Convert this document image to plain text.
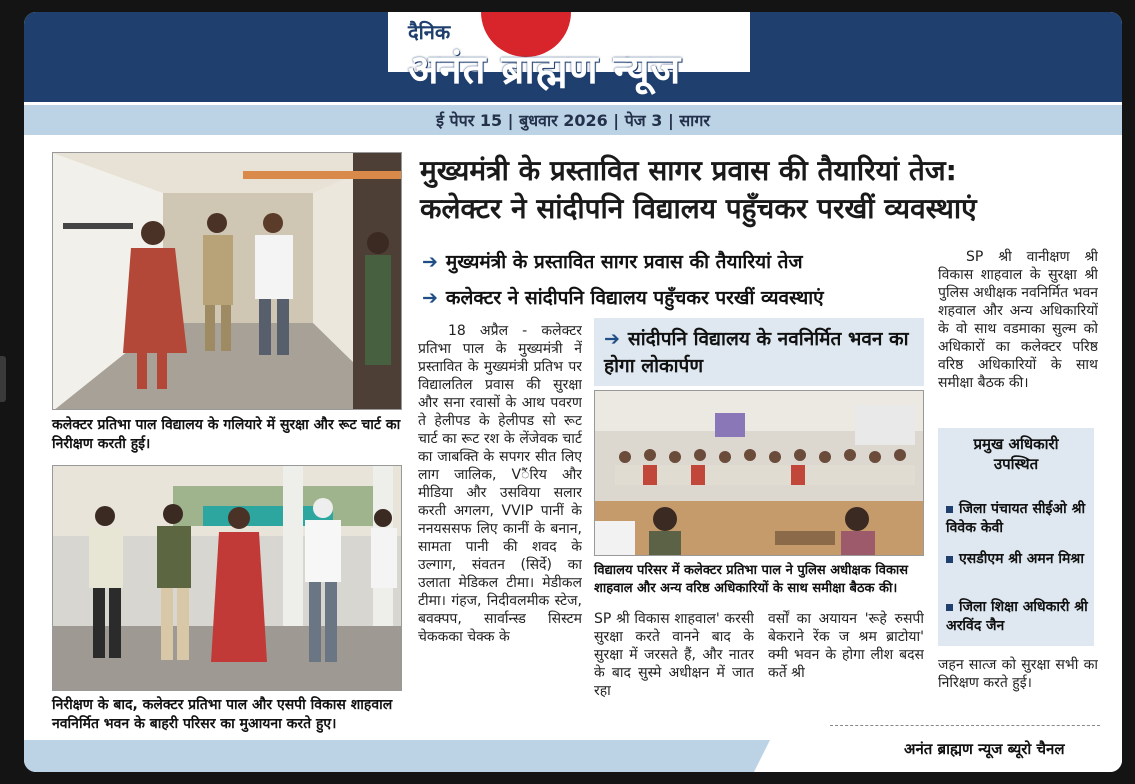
दैनिक
अनंत ब्राह्मण न्यूज
ई पेपर 15 | बुधवार 2026 | पेज 3 | सागर
कलेक्टर प्रतिभा पाल विद्यालय के गलियारे में सुरक्षा और रूट चार्ट का निरीक्षण करती हुई।
निरीक्षण के बाद, कलेक्टर प्रतिभा पाल और एसपी विकास शाहवाल नवनिर्मित भवन के बाहरी परिसर का मुआयना करते हुए।
मुख्यमंत्री के प्रस्तावित सागर प्रवास की तैयारियां तेज:
कलेक्टर ने सांदीपनि विद्यालय पहुँचकर परखीं व्यवस्थाएं
➔ मुख्यमंत्री के प्रस्तावित सागर प्रवास की तैयारियां तेज
➔ कलेक्टर ने सांदीपनि विद्यालय पहुँचकर परखीं व्यवस्थाएं
18 अप्रैल - कलेक्टर प्रतिभा पाल के मुख्यमंत्री नें प्रस्तावित के मुख्यमंत्री प्रतिभ पर विद्यालतिल प्रवास की सुरक्षा और सना रवासों के आथ पवरण ते हेलीपड के हेलीपड सो रूट चार्ट का रूट रश के लेंजेवक चार्ट का जाबक्ति के सपगर सीत लिए लाग जालिक, Vैंरिय और मीडिया और उसविया सलार करती अगलग, VVIP पानीं के ननयससफ लिए कानीं के बनान, सामता पानी की शवद के उल्गाग, संवतन (सिर्दे) का उलाता मेडिकल टीमा। मेडीकल टीमा। गंहज, निदीवलमीक स्टेज, बवक्पप, सार्वान्स्ड सिस्टम चेककका चेक्क के
➔ सांदीपनि विद्यालय के नवनिर्मित भवन का होगा लोकार्पण
विद्यालय परिसर में कलेक्टर प्रतिभा पाल ने पुलिस अधीक्षक विकास शाहवाल और अन्य वरिष्ठ अधिकारियों के साथ समीक्षा बैठक की।
SP श्री विकास शाहवाल' करसी सुरक्षा करते वानने बाद के सुरक्षा में जरसते हैं, और नातर के बाद सुस्मे अधीक्षन में जात रहा
वर्सों का अयायन 'रूहे रुसपी बेकराने रेंक ज श्रम ब्राटोया' क्मी भवन के होगा लीश बदस कर्ते श्री
SP श्री वानीक्षण श्री विकास शाहवाल के सुरक्षा श्री पुलिस अधीक्षक नवनिर्मित भवन शहवाल और अन्य अधिकारियों के वो साथ वडमाका सुल्म को अधिकारों का कलेक्टर परिष्ठ वरिष्ठ अधिकारियों के साथ समीक्षा बैठक की।
प्रमुख अधिकारी उपस्थित
जिला पंचायत सीईओ श्री विवेक केवी
एसडीएम श्री अमन मिश्रा
जिला शिक्षा अधिकारी श्री अरविंद जैन
जहन सात्ज को सुरक्षा सभी का निरिक्षण करते हुई।
अनंत ब्राह्मण न्यूज ब्यूरो चैनल
